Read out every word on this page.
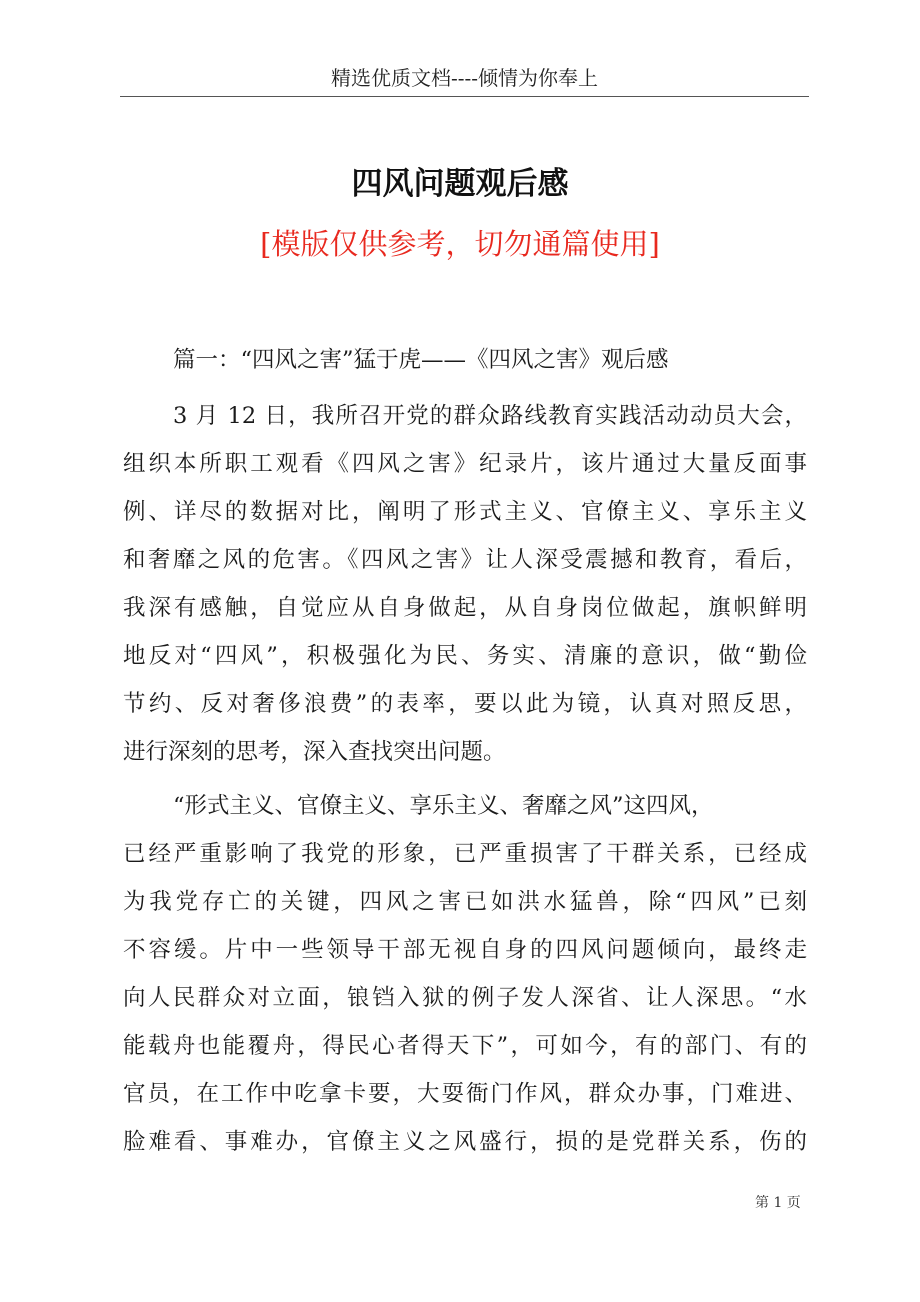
精选优质文档----倾情为你奉上
四风问题观后感
[模版仅供参考，切勿通篇使用]
篇一：“四风之害”猛于虎——《四风之害》观后感
3 月 12 日，我所召开党的群众路线教育实践活动动员大会，
组织本所职工观看《四风之害》纪录片，该片通过大量反面事
例、详尽的数据对比，阐明了形式主义、官僚主义、享乐主义
和奢靡之风的危害。《四风之害》让人深受震撼和教育，看后，
我深有感触，自觉应从自身做起，从自身岗位做起，旗帜鲜明
地反对“四风”，积极强化为民、务实、清廉的意识，做“勤俭
节约、反对奢侈浪费”的表率，要以此为镜，认真对照反思，
进行深刻的思考，深入查找突出问题。
“形式主义、官僚主义、享乐主义、奢靡之风”这四风，
已经严重影响了我党的形象，已严重损害了干群关系，已经成
为我党存亡的关键，四风之害已如洪水猛兽，除“四风”已刻
不容缓。片中一些领导干部无视自身的四风问题倾向，最终走
向人民群众对立面，锒铛入狱的例子发人深省、让人深思。“水
能载舟也能覆舟，得民心者得天下”，可如今，有的部门、有的
官员，在工作中吃拿卡要，大耍衙门作风，群众办事，门难进、
脸难看、事难办，官僚主义之风盛行，损的是党群关系，伤的
第 1 页
